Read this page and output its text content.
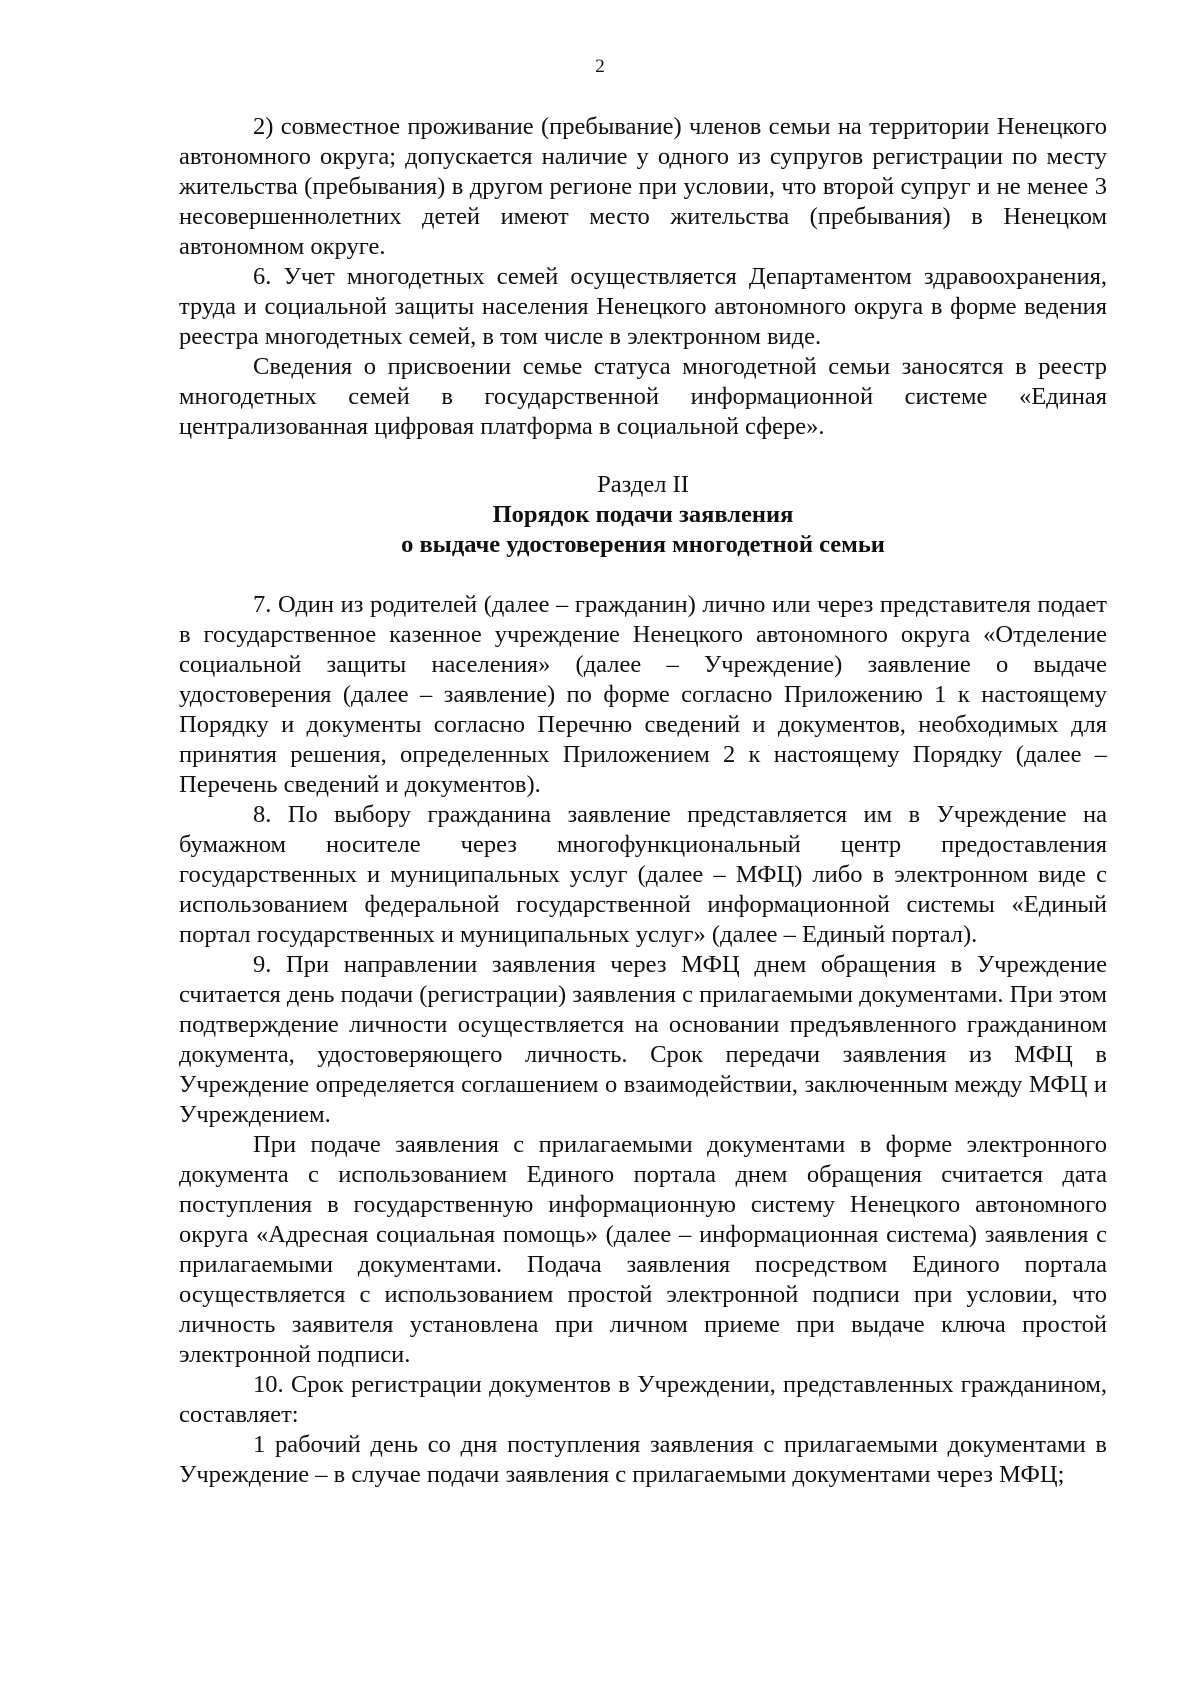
2

2) совместное проживание (пребывание) членов семьи на территории Ненецкого автономного округа; допускается наличие у одного из супругов регистрации по месту жительства (пребывания) в другом регионе при условии, что второй супруг и не менее 3 несовершеннолетних детей имеют место жительства (пребывания) в Ненецком автономном округе.

6. Учет многодетных семей осуществляется Департаментом здравоохранения, труда и социальной защиты населения Ненецкого автономного округа в форме ведения реестра многодетных семей, в том числе в электронном виде.

Сведения о присвоении семье статуса многодетной семьи заносятся в реестр многодетных семей в государственной информационной системе «Единая централизованная цифровая платформа в социальной сфере».

Раздел II
Порядок подачи заявления
о выдаче удостоверения многодетной семьи

7. Один из родителей (далее – гражданин) лично или через представителя подает в государственное казенное учреждение Ненецкого автономного округа «Отделение социальной защиты населения» (далее – Учреждение) заявление о выдаче удостоверения (далее – заявление) по форме согласно Приложению 1 к настоящему Порядку и документы согласно Перечню сведений и документов, необходимых для принятия решения, определенных Приложением 2 к настоящему Порядку (далее – Перечень сведений и документов).

8. По выбору гражданина заявление представляется им в Учреждение на бумажном носителе через многофункциональный центр предоставления государственных и муниципальных услуг (далее – МФЦ) либо в электронном виде с использованием федеральной государственной информационной системы «Единый портал государственных и муниципальных услуг» (далее – Единый портал).

9. При направлении заявления через МФЦ днем обращения в Учреждение считается день подачи (регистрации) заявления с прилагаемыми документами. При этом подтверждение личности осуществляется на основании предъявленного гражданином документа, удостоверяющего личность. Срок передачи заявления из МФЦ в Учреждение определяется соглашением о взаимодействии, заключенным между МФЦ и Учреждением.

При подаче заявления с прилагаемыми документами в форме электронного документа с использованием Единого портала днем обращения считается дата поступления в государственную информационную систему Ненецкого автономного округа «Адресная социальная помощь» (далее – информационная система) заявления с прилагаемыми документами. Подача заявления посредством Единого портала осуществляется с использованием простой электронной подписи при условии, что личность заявителя установлена при личном приеме при выдаче ключа простой электронной подписи.

10. Срок регистрации документов в Учреждении, представленных гражданином, составляет:

1 рабочий день со дня поступления заявления с прилагаемыми документами в Учреждение – в случае подачи заявления с прилагаемыми документами через МФЦ;
